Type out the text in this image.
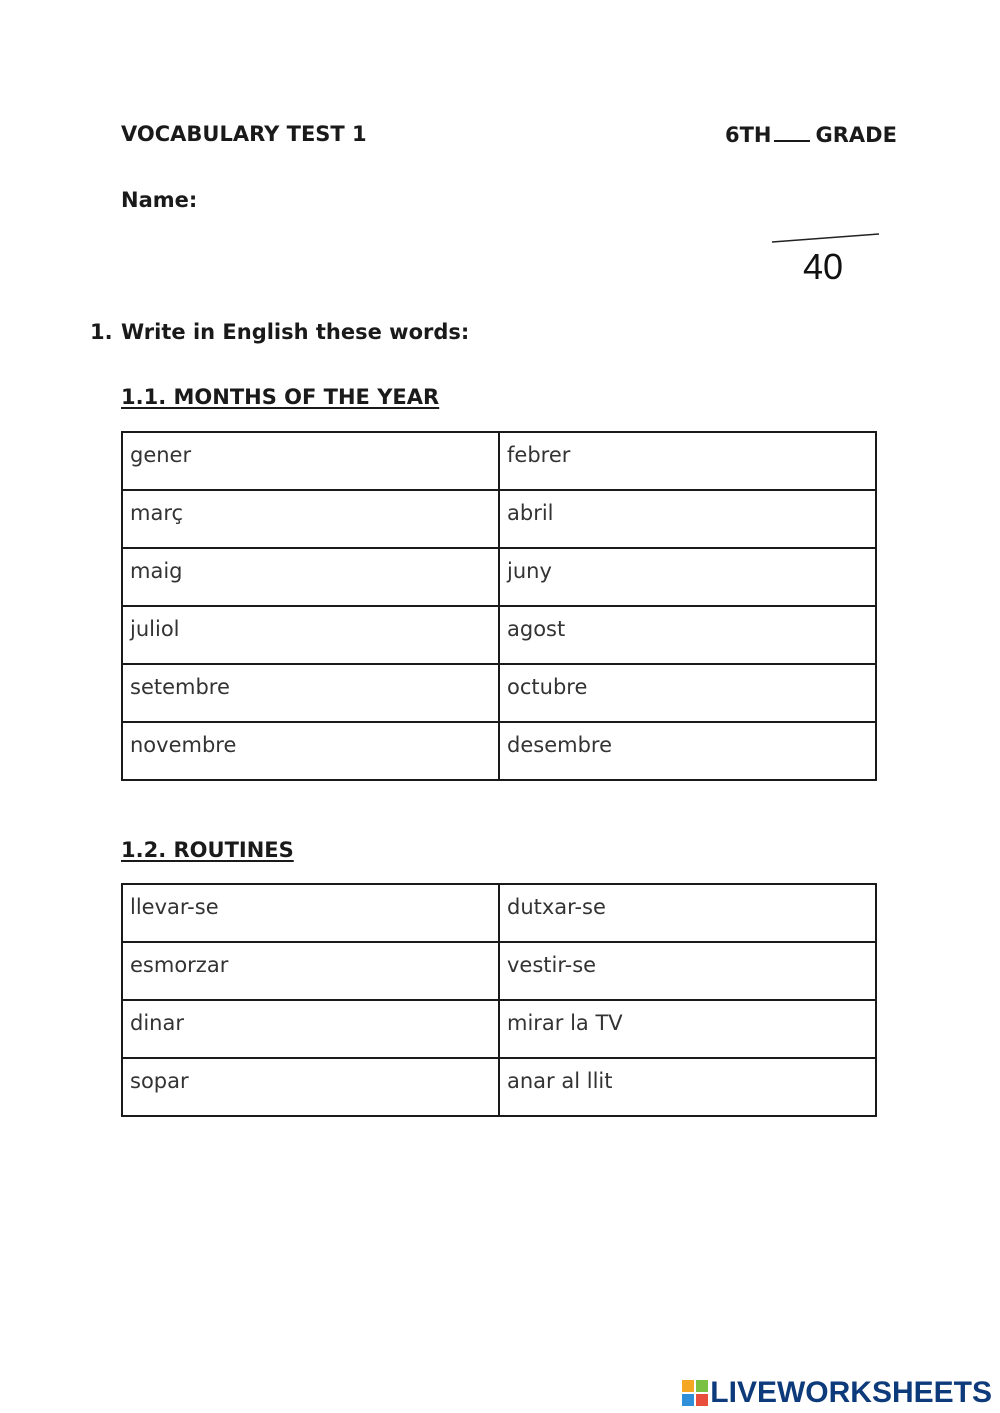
VOCABULARY TEST 1	6TH GRADE
Name:
40
1. Write in English these words:
1.1. MONTHS OF THE YEAR
gener	febrer
març	abril
maig	juny
juliol	agost
setembre	octubre
novembre	desembre
1.2. ROUTINES
llevar-se	dutxar-se
esmorzar	vestir-se
dinar	mirar la TV
sopar	anar al llit
LIVEWORKSHEETS
